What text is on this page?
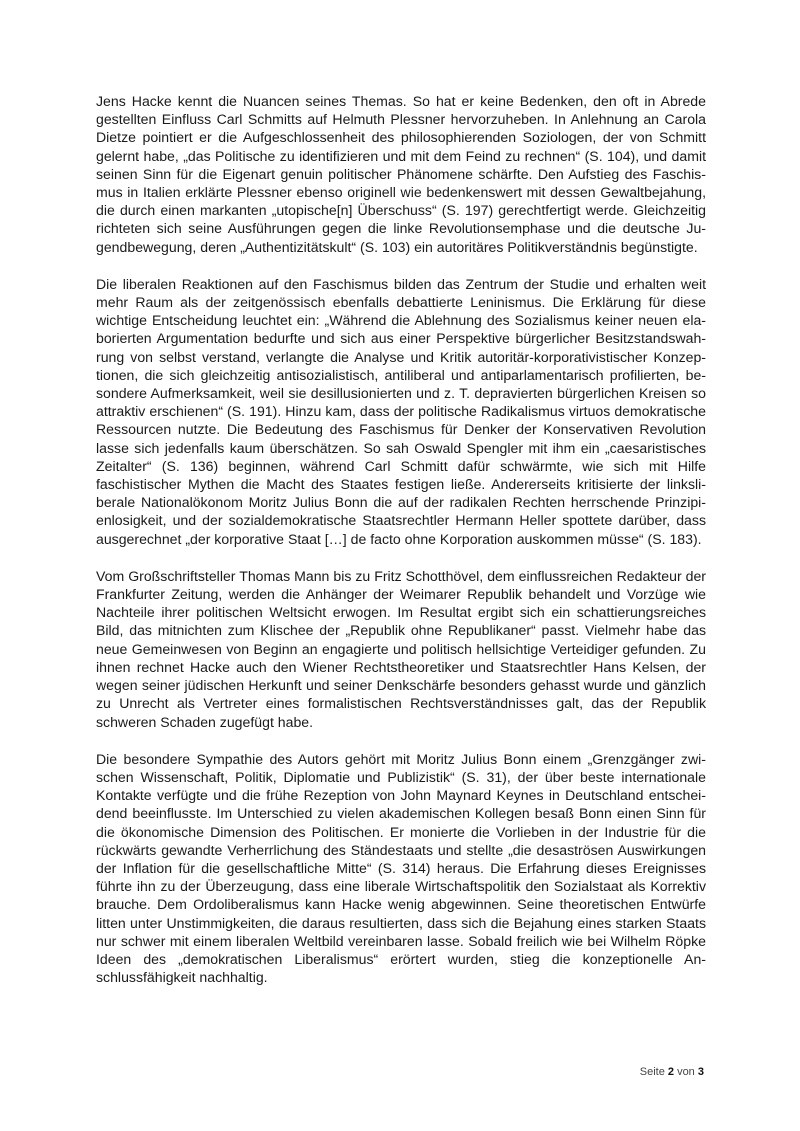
Jens Hacke kennt die Nuancen seines Themas. So hat er keine Bedenken, den oft in Abrede gestellten Einfluss Carl Schmitts auf Helmuth Plessner hervorzuheben. In Anlehnung an Carola Dietze pointiert er die Aufgeschlossenheit des philosophierenden Soziologen, der von Schmitt gelernt habe, „das Politische zu identifizieren und mit dem Feind zu rechnen“ (S. 104), und damit seinen Sinn für die Eigenart genuin politischer Phänomene schärfte. Den Aufstieg des Faschismus in Italien erklärte Plessner ebenso originell wie bedenkenswert mit dessen Gewaltbejahung, die durch einen markanten „utopische[n] Überschuss“ (S. 197) gerechtfertigt werde. Gleichzeitig richteten sich seine Ausführungen gegen die linke Revolutionsemphase und die deutsche Jugendbewegung, deren „Authentizitätskult“ (S. 103) ein autoritäres Politikverständnis begünstigte.

Die liberalen Reaktionen auf den Faschismus bilden das Zentrum der Studie und erhalten weit mehr Raum als der zeitgenössisch ebenfalls debattierte Leninismus. Die Erklärung für diese wichtige Entscheidung leuchtet ein: „Während die Ablehnung des Sozialismus keiner neuen elaborierten Argumentation bedurfte und sich aus einer Perspektive bürgerlicher Besitzstandswahrung von selbst verstand, verlangte die Analyse und Kritik autoritär-korporativistischer Konzeptionen, die sich gleichzeitig antisozialistisch, antiliberal und antiparlamentarisch profilierten, besondere Aufmerksamkeit, weil sie desillusionierten und z. T. depravierten bürgerlichen Kreisen so attraktiv erschienen“ (S. 191). Hinzu kam, dass der politische Radikalismus virtuos demokratische Ressourcen nutzte. Die Bedeutung des Faschismus für Denker der Konservativen Revolution lasse sich jedenfalls kaum überschätzen. So sah Oswald Spengler mit ihm ein „caesaristisches Zeitalter“ (S. 136) beginnen, während Carl Schmitt dafür schwärmte, wie sich mit Hilfe faschistischer Mythen die Macht des Staates festigen ließe. Andererseits kritisierte der linksliberale Nationalökonom Moritz Julius Bonn die auf der radikalen Rechten herrschende Prinzipienlosigkeit, und der sozialdemokratische Staatsrechtler Hermann Heller spottete darüber, dass ausgerechnet „der korporative Staat […] de facto ohne Korporation auskommen müsse“ (S. 183).

Vom Großschriftsteller Thomas Mann bis zu Fritz Schotthövel, dem einflussreichen Redakteur der Frankfurter Zeitung, werden die Anhänger der Weimarer Republik behandelt und Vorzüge wie Nachteile ihrer politischen Weltsicht erwogen. Im Resultat ergibt sich ein schattierungsreiches Bild, das mitnichten zum Klischee der „Republik ohne Republikaner“ passt. Vielmehr habe das neue Gemeinwesen von Beginn an engagierte und politisch hellsichtige Verteidiger gefunden. Zu ihnen rechnet Hacke auch den Wiener Rechtstheoretiker und Staatsrechtler Hans Kelsen, der wegen seiner jüdischen Herkunft und seiner Denkschärfe besonders gehasst wurde und gänzlich zu Unrecht als Vertreter eines formalistischen Rechtsverständnisses galt, das der Republik schweren Schaden zugefügt habe.

Die besondere Sympathie des Autors gehört mit Moritz Julius Bonn einem „Grenzgänger zwischen Wissenschaft, Politik, Diplomatie und Publizistik“ (S. 31), der über beste internationale Kontakte verfügte und die frühe Rezeption von John Maynard Keynes in Deutschland entscheidend beeinflusste. Im Unterschied zu vielen akademischen Kollegen besaß Bonn einen Sinn für die ökonomische Dimension des Politischen. Er monierte die Vorlieben in der Industrie für die rückwärts gewandte Verherrlichung des Ständestaats und stellte „die desaströsen Auswirkungen der Inflation für die gesellschaftliche Mitte“ (S. 314) heraus. Die Erfahrung dieses Ereignisses führte ihn zu der Überzeugung, dass eine liberale Wirtschaftspolitik den Sozialstaat als Korrektiv brauche. Dem Ordoliberalismus kann Hacke wenig abgewinnen. Seine theoretischen Entwürfe litten unter Unstimmigkeiten, die daraus resultierten, dass sich die Bejahung eines starken Staats nur schwer mit einem liberalen Weltbild vereinbaren lasse. Sobald freilich wie bei Wilhelm Röpke Ideen des „demokratischen Liberalismus“ erörtert wurden, stieg die konzeptionelle Anschlussfähigkeit nachhaltig.

Seite 2 von 3
